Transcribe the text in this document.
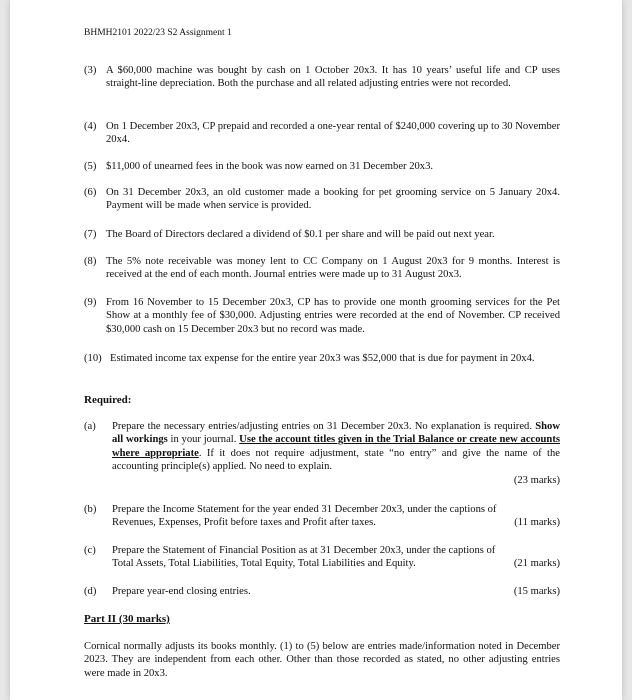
BHMH2101 2022/23 S2 Assignment 1
(3) A $60,000 machine was bought by cash on 1 October 20x3. It has 10 years’ useful life and CP uses straight-line depreciation. Both the purchase and all related adjusting entries were not recorded.
(4) On 1 December 20x3, CP prepaid and recorded a one-year rental of $240,000 covering up to 30 November 20x4.
(5) $11,000 of unearned fees in the book was now earned on 31 December 20x3.
(6) On 31 December 20x3, an old customer made a booking for pet grooming service on 5 January 20x4. Payment will be made when service is provided.
(7) The Board of Directors declared a dividend of $0.1 per share and will be paid out next year.
(8) The 5% note receivable was money lent to CC Company on 1 August 20x3 for 9 months. Interest is received at the end of each month. Journal entries were made up to 31 August 20x3.
(9) From 16 November to 15 December 20x3, CP has to provide one month grooming services for the Pet Show at a monthly fee of $30,000. Adjusting entries were recorded at the end of November. CP received $30,000 cash on 15 December 20x3 but no record was made.
(10) Estimated income tax expense for the entire year 20x3 was $52,000 that is due for payment in 20x4.
Required:
(a)	Prepare the necessary entries/adjusting entries on 31 December 20x3. No explanation is required. Show all workings in your journal. Use the account titles given in the Trial Balance or create new accounts where appropriate. If it does not require adjustment, state “no entry” and give the name of the accounting principle(s) applied. No need to explain.
(23 marks)
(b)	Prepare the Income Statement for the year ended 31 December 20x3, under the captions of
Revenues, Expenses, Profit before taxes and Profit after taxes.	(11 marks)
(c)	Prepare the Statement of Financial Position as at 31 December 20x3, under the captions of
Total Assets, Total Liabilities, Total Equity, Total Liabilities and Equity.	(21 marks)
(d) Prepare year-end closing entries.	(15 marks)
Part II (30 marks)
Cornical normally adjusts its books monthly. (1) to (5) below are entries made/information noted in December 2023. They are independent from each other. Other than those recorded as stated, no other adjusting entries were made in 20x3.
